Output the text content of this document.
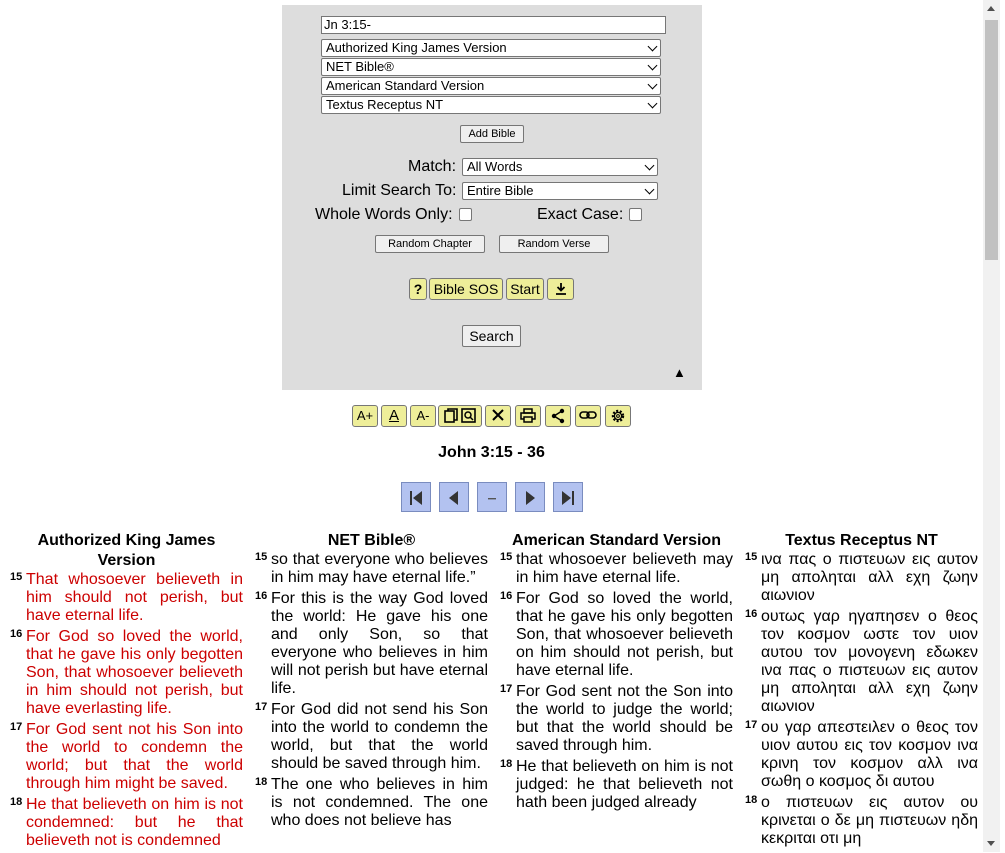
Jn 3:15-
Authorized King James Version
NET Bible®
American Standard Version
Textus Receptus NT
Add Bible
Match: All Words
Limit Search To: Entire Bible
Whole Words Only:	Exact Case:
Random Chapter	Random Verse
? Bible SOS Start
Search
▲
A+	A	A-
John 3:15 - 36
Authorized King James Version
15 That whosoever believeth in him should not perish, but have eternal life.
16 For God so loved the world, that he gave his only begotten Son, that whosoever believeth in him should not perish, but have everlasting life.
17 For God sent not his Son into the world to condemn the world; but that the world through him might be saved.
18 He that believeth on him is not condemned: but he that believeth not is condemned
NET Bible®
15 so that everyone who believes in him may have eternal life.”
16 For this is the way God loved the world: He gave his one and only Son, so that everyone who believes in him will not perish but have eternal life.
17 For God did not send his Son into the world to condemn the world, but that the world should be saved through him.
18 The one who believes in him is not condemned. The one who does not believe has
American Standard Version
15 that whosoever believeth may in him have eternal life.
16 For God so loved the world, that he gave his only begotten Son, that whosoever believeth on him should not perish, but have eternal life.
17 For God sent not the Son into the world to judge the world; but that the world should be saved through him.
18 He that believeth on him is not judged: he that believeth not hath been judged already
Textus Receptus NT
15 ινα πας ο πιστευων εις αυτον μη αποληται αλλ εχη ζωην αιωνιον
16 ουτως γαρ ηγαπησεν ο θεος τον κοσμον ωστε τον υιον αυτου τον μονογενη εδωκεν ινα πας ο πιστευων εις αυτον μη αποληται αλλ εχη ζωην αιωνιον
17 ου γαρ απεστειλεν ο θεος τον υιον αυτου εις τον κοσμον ινα κρινη τον κοσμον αλλ ινα σωθη ο κοσμος δι αυτου
18 ο πιστευων εις αυτον ου κρινεται ο δε μη πιστευων ηδη κεκριται οτι μη
